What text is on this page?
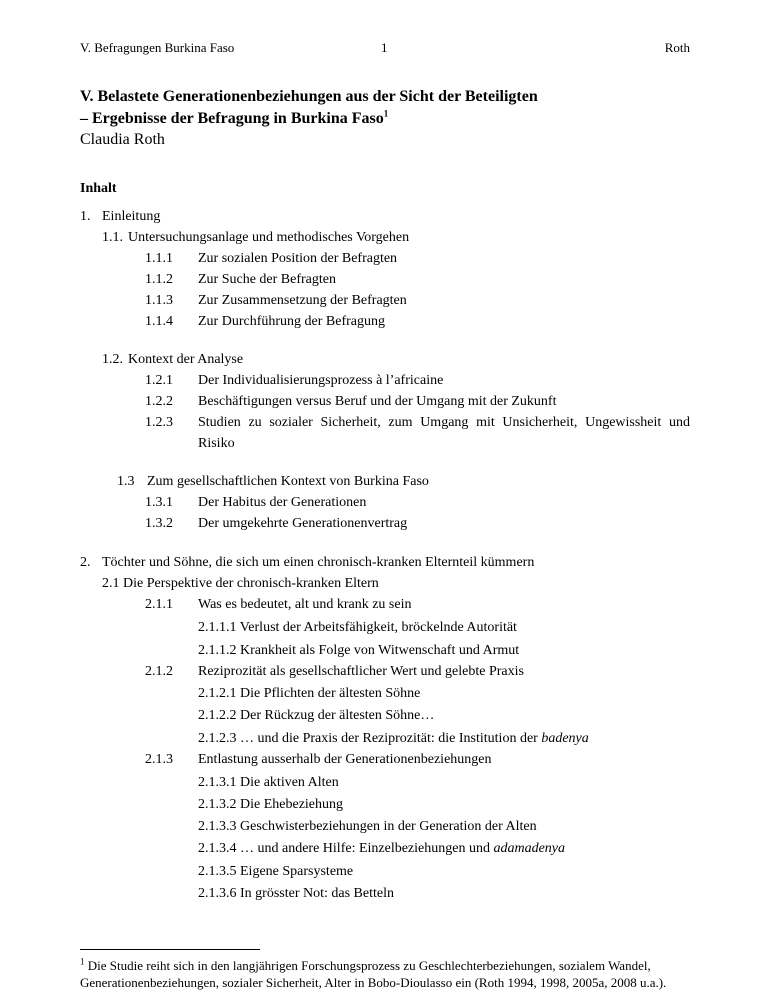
V. Befragungen Burkina Faso	1	Roth
V. Belastete Generationenbeziehungen aus der Sicht der Beteiligten
– Ergebnisse der Befragung in Burkina Faso$^1$
Claudia Roth
Inhalt
1. Einleitung
1.1. Untersuchungsanlage und methodisches Vorgehen
1.1.1 Zur sozialen Position der Befragten
1.1.2 Zur Suche der Befragten
1.1.3 Zur Zusammensetzung der Befragten
1.1.4 Zur Durchführung der Befragung
1.2. Kontext der Analyse
1.2.1 Der Individualisierungsprozess à l’africaine
1.2.2 Beschäftigungen versus Beruf und der Umgang mit der Zukunft
1.2.3 Studien zu sozialer Sicherheit, zum Umgang mit Unsicherheit, Ungewissheit und
Risiko
1.3 Zum gesellschaftlichen Kontext von Burkina Faso
1.3.1 Der Habitus der Generationen
1.3.2 Der umgekehrte Generationenvertrag
2. Töchter und Söhne, die sich um einen chronisch-kranken Elternteil kümmern
2.1 Die Perspektive der chronisch-kranken Eltern
2.1.1 Was es bedeutet, alt und krank zu sein
2.1.1.1 Verlust der Arbeitsfähigkeit, bröckelnde Autorität
2.1.1.2 Krankheit als Folge von Witwenschaft und Armut
2.1.2 Reziprozität als gesellschaftlicher Wert und gelebte Praxis
2.1.2.1 Die Pflichten der ältesten Söhne
2.1.2.2 Der Rückzug der ältesten Söhne…
2.1.2.3 … und die Praxis der Reziprozität: die Institution der badenya
2.1.3 Entlastung ausserhalb der Generationenbeziehungen
2.1.3.1 Die aktiven Alten
2.1.3.2 Die Ehebeziehung
2.1.3.3 Geschwisterbeziehungen in der Generation der Alten
2.1.3.4 … und andere Hilfe: Einzelbeziehungen und adamadenya
2.1.3.5 Eigene Sparsysteme
2.1.3.6 In grösster Not: das Betteln
$^1$ Die Studie reiht sich in den langjährigen Forschungsprozess zu Geschlechterbeziehungen, sozialem Wandel,
Generationenbeziehungen, sozialer Sicherheit, Alter in Bobo-Dioulasso ein (Roth 1994, 1998, 2005a, 2008 u.a.).
